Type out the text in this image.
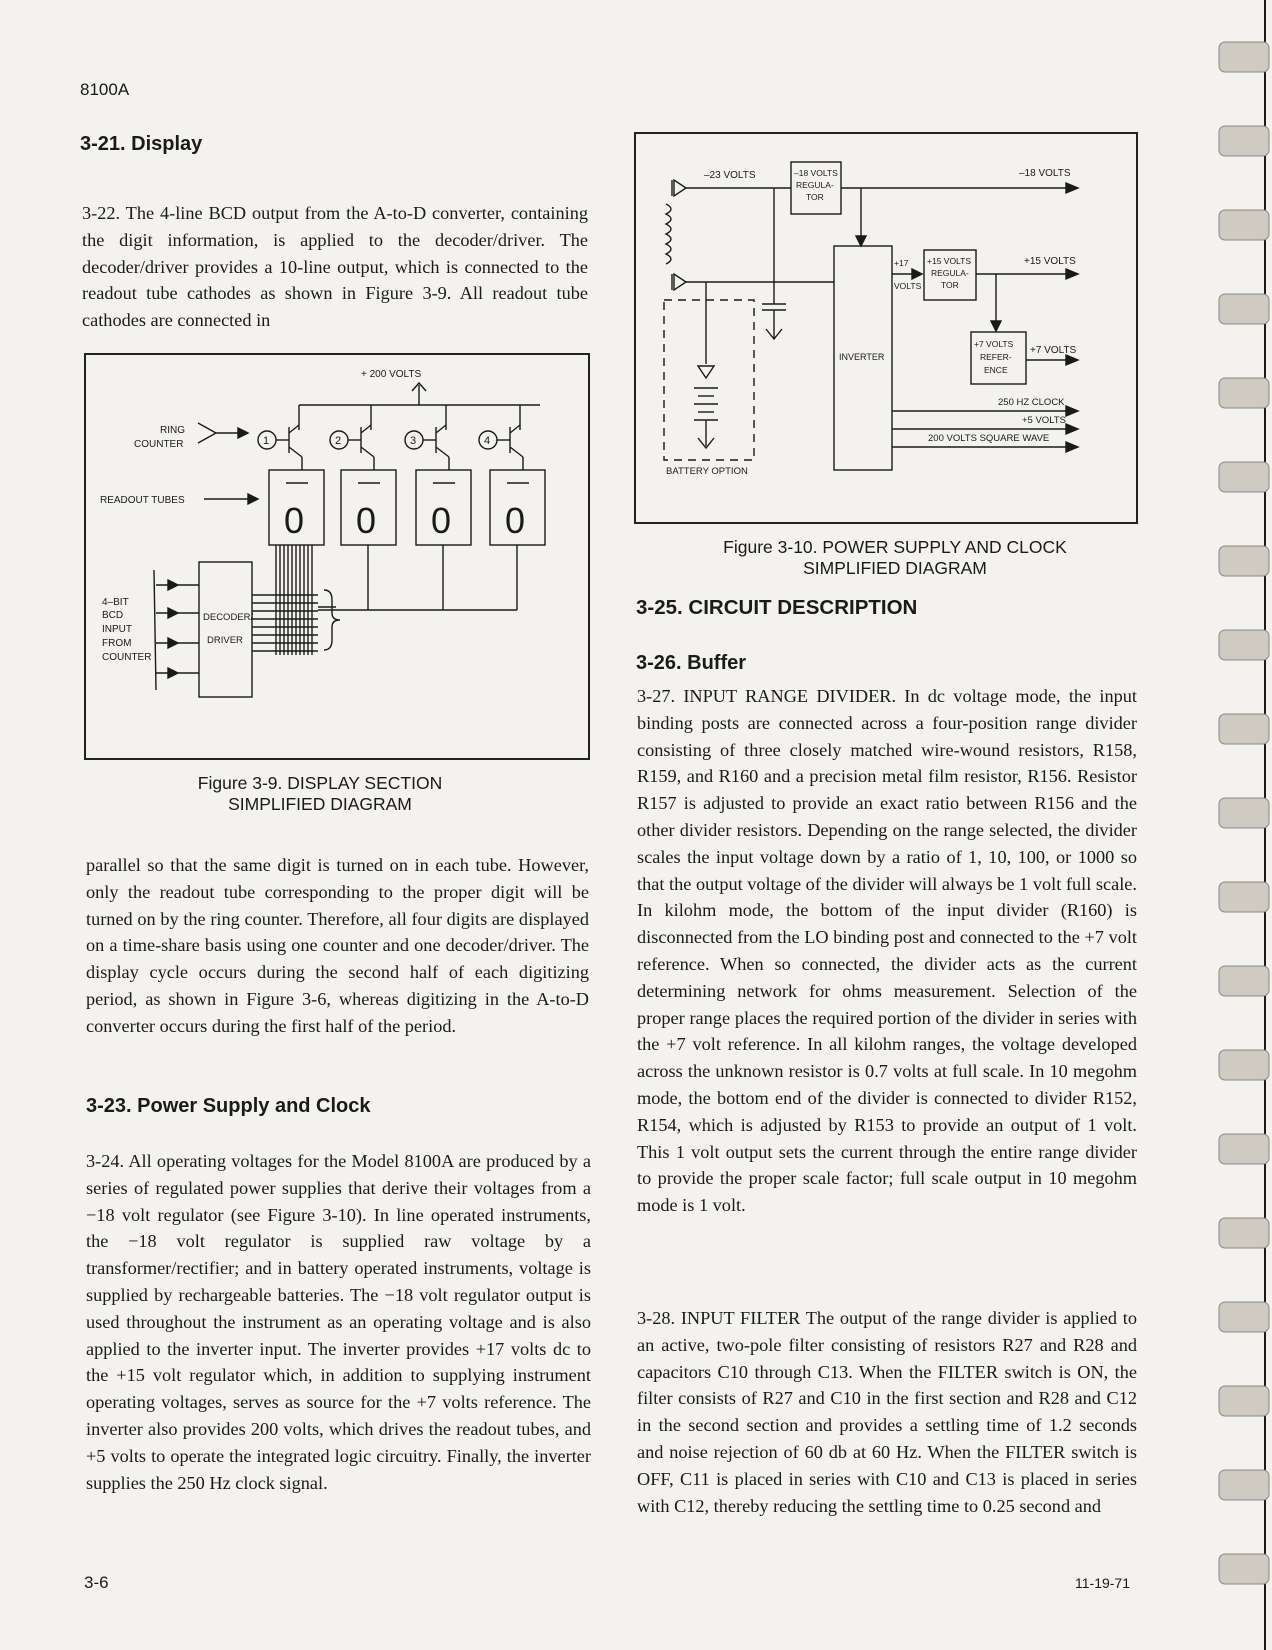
8100A
3-21. Display

3-22. The 4-line BCD output from the A-to-D converter, containing the digit information, is applied to the decoder/driver. The decoder/driver provides a 10-line output, which is connected to the readout tube cathodes as shown in Figure 3-9. All readout tube cathodes are connected in

+ 200 VOLTS
RING
COUNTER
READOUT TUBES
4–BIT
BCD
INPUT
FROM
COUNTER
DECODER/
DRIVER
1	2	3	4
0 0 0 0
Figure 3-9. DISPLAY SECTION
SIMPLIFIED DIAGRAM

parallel so that the same digit is turned on in each tube. However, only the readout tube corresponding to the proper digit will be turned on by the ring counter. Therefore, all four digits are displayed on a time-share basis using one counter and one decoder/driver. The display cycle occurs during the second half of each digitizing period, as shown in Figure 3-6, whereas digitizing in the A-to-D converter occurs during the first half of the period.

3-23. Power Supply and Clock

3-24. All operating voltages for the Model 8100A are produced by a series of regulated power supplies that derive their voltages from a −18 volt regulator (see Figure 3-10). In line operated instruments, the −18 volt regulator is supplied raw voltage by a transformer/rectifier; and in battery operated instruments, voltage is supplied by rechargeable batteries. The −18 volt regulator output is used throughout the instrument as an operating voltage and is also applied to the inverter input. The inverter provides +17 volts dc to the +15 volt regulator which, in addition to supplying instrument operating voltages, serves as source for the +7 volts reference. The inverter also provides 200 volts, which drives the readout tubes, and +5 volts to operate the integrated logic circuitry. Finally, the inverter supplies the 250 Hz clock signal.

3-6
–23 VOLTS	–18 VOLTS
REGULA-
TOR
–18 VOLTS
+17
VOLTS
+15 VOLTS
REGULA-
TOR
+15 VOLTS
INVERTER
+7 VOLTS
REFER-
ENCE
+7 VOLTS
250 HZ CLOCK
+5 VOLTS
200 VOLTS SQUARE WAVE
BATTERY OPTION
Figure 3-10. POWER SUPPLY AND CLOCK
SIMPLIFIED DIAGRAM
3-25. CIRCUIT DESCRIPTION
3-26. Buffer

3-27. INPUT RANGE DIVIDER. In dc voltage mode, the input binding posts are connected across a four-position range divider consisting of three closely matched wire-wound resistors, R158, R159, and R160 and a precision metal film resistor, R156. Resistor R157 is adjusted to provide an exact ratio between R156 and the other divider resistors. Depending on the range selected, the divider scales the input voltage down by a ratio of 1, 10, 100, or 1000 so that the output voltage of the divider will always be 1 volt full scale. In kilohm mode, the bottom of the input divider (R160) is disconnected from the LO binding post and connected to the +7 volt reference. When so connected, the divider acts as the current determining network for ohms measurement. Selection of the proper range places the required portion of the divider in series with the +7 volt reference. In all kilohm ranges, the voltage developed across the unknown resistor is 0.7 volts at full scale. In 10 megohm mode, the bottom end of the divider is connected to divider R152, R154, which is adjusted by R153 to provide an output of 1 volt. This 1 volt output sets the current through the entire range divider to provide the proper scale factor; full scale output in 10 megohm mode is 1 volt.

3-28. INPUT FILTER The output of the range divider is applied to an active, two-pole filter consisting of resistors R27 and R28 and capacitors C10 through C13. When the FILTER switch is ON, the filter consists of R27 and C10 in the first section and R28 and C12 in the second section and provides a settling time of 1.2 seconds and noise rejection of 60 db at 60 Hz. When the FILTER switch is OFF, C11 is placed in series with C10 and C13 is placed in series with C12, thereby reducing the settling time to 0.25 second and

11-19-71
